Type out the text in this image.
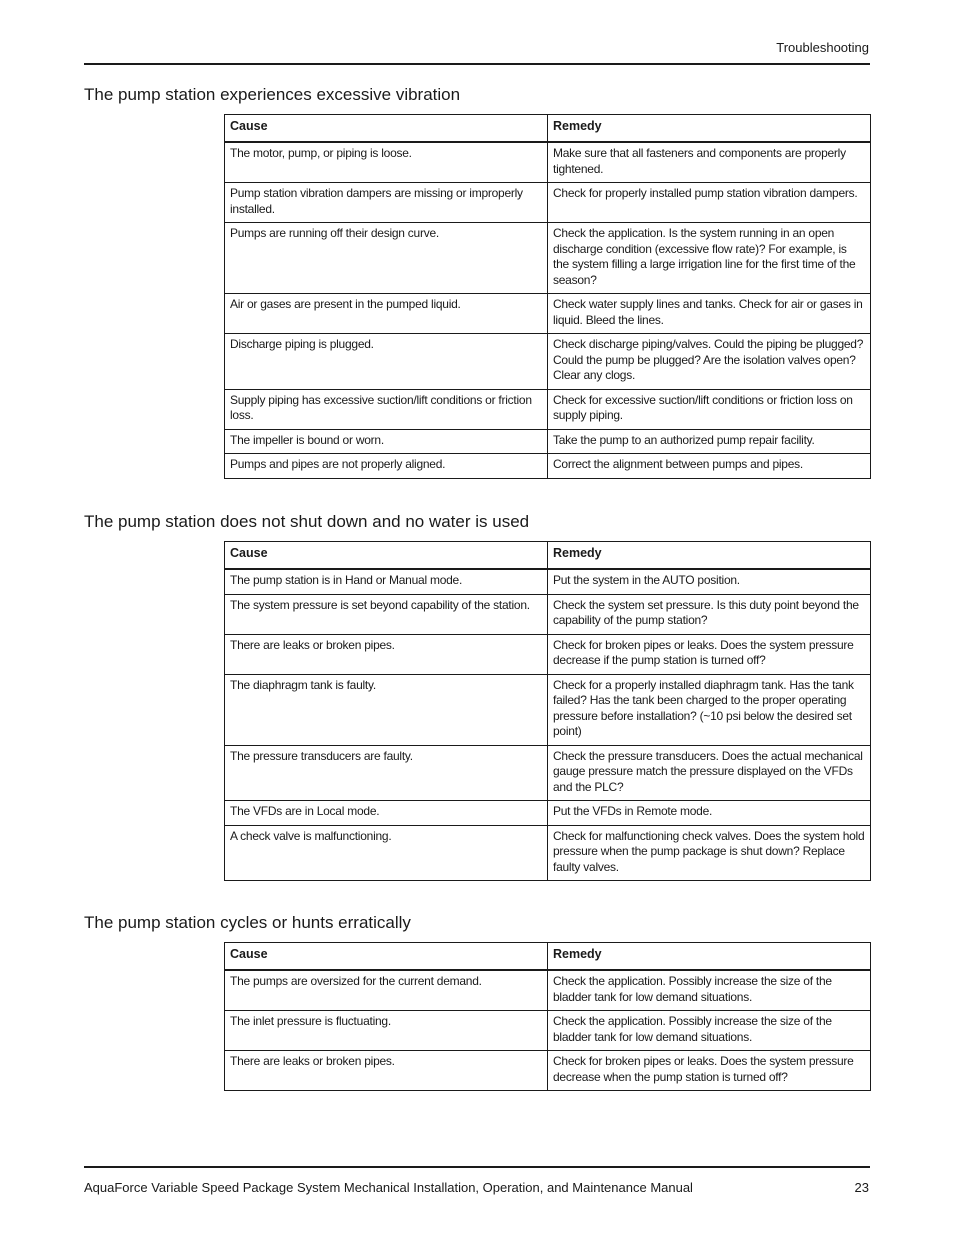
Troubleshooting
The pump station experiences excessive vibration
Cause	Remedy

The motor, pump, or piping is loose.	Make sure that all fasteners and components are properly tightened.

Pump station vibration dampers are missing or improperly installed.	Check for properly installed pump station vibration dampers.

Pumps are running off their design curve.	Check the application. Is the system running in an open discharge condition (excessive flow rate)? For example, is the system filling a large irrigation line for the first time of the season?

Air or gases are present in the pumped liquid.	Check water supply lines and tanks. Check for air or gases in liquid. Bleed the lines.

Discharge piping is plugged.	Check discharge piping/valves. Could the piping be plugged? Could the pump be plugged? Are the isolation valves open? Clear any clogs.

Supply piping has excessive suction/lift conditions or friction loss.	Check for excessive suction/lift conditions or friction loss on supply piping.

The impeller is bound or worn.	Take the pump to an authorized pump repair facility.

Pumps and pipes are not properly aligned.	Correct the alignment between pumps and pipes.
The pump station does not shut down and no water is used
Cause	Remedy

The pump station is in Hand or Manual mode.	Put the system in the AUTO position.

The system pressure is set beyond capability of the station.	Check the system set pressure. Is this duty point beyond the capability of the pump station?

There are leaks or broken pipes.	Check for broken pipes or leaks. Does the system pressure decrease if the pump station is turned off?

The diaphragm tank is faulty.	Check for a properly installed diaphragm tank. Has the tank failed? Has the tank been charged to the proper operating pressure before installation? (~10 psi below the desired set point)

The pressure transducers are faulty.	Check the pressure transducers. Does the actual mechanical gauge pressure match the pressure displayed on the VFDs and the PLC?

The VFDs are in Local mode.	Put the VFDs in Remote mode.

A check valve is malfunctioning.	Check for malfunctioning check valves. Does the system hold pressure when the pump package is shut down? Replace faulty valves.
The pump station cycles or hunts erratically
Cause	Remedy

The pumps are oversized for the current demand.	Check the application. Possibly increase the size of the bladder tank for low demand situations.

The inlet pressure is fluctuating.	Check the application. Possibly increase the size of the bladder tank for low demand situations.

There are leaks or broken pipes.	Check for broken pipes or leaks. Does the system pressure decrease when the pump station is turned off?
AquaForce Variable Speed Package System Mechanical Installation, Operation, and Maintenance Manual	23
